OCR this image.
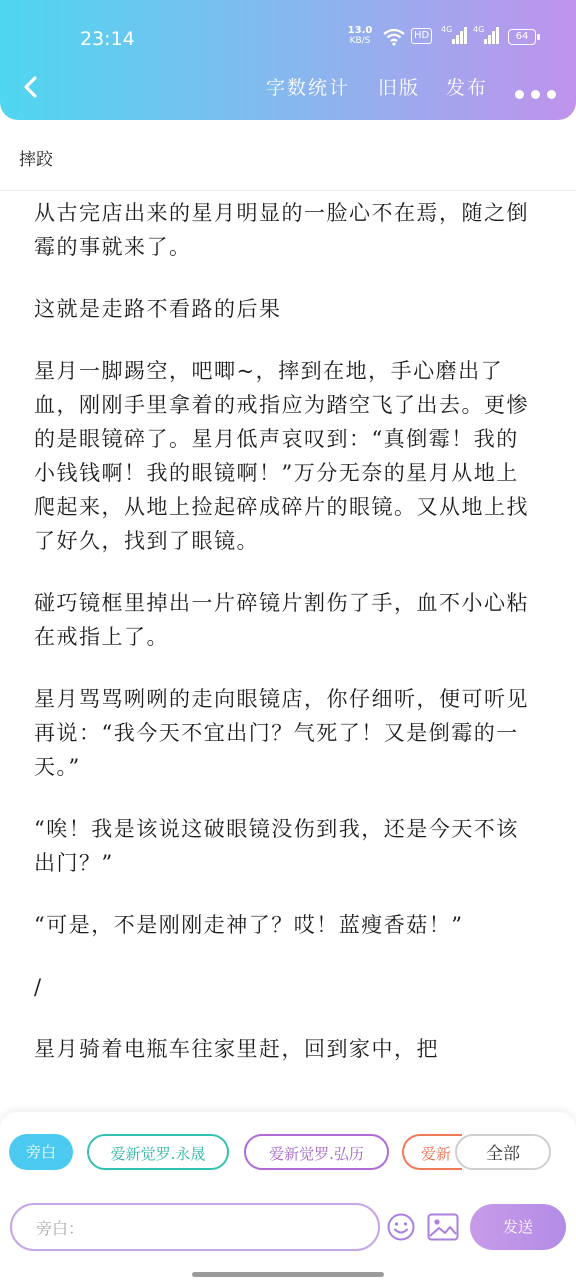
23:14	13.0
KB/S	HD
4G	4G
64
字数统计 旧版 发布
摔跤

从古完店出来的星月明显的一脸心不在焉，随之倒霉的事就来了。

这就是走路不看路的后果

星月一脚踢空，吧唧~，摔到在地，手心磨出了血，刚刚手里拿着的戒指应为踏空飞了出去。更惨的是眼镜碎了。星月低声哀叹到：“真倒霉！我的小钱钱啊！我的眼镜啊！”万分无奈的星月从地上爬起来，从地上捡起碎成碎片的眼镜。又从地上找了好久，找到了眼镜。

碰巧镜框里掉出一片碎镜片割伤了手，血不小心粘在戒指上了。

星月骂骂咧咧的走向眼镜店，你仔细听，便可听见再说：“我今天不宜出门？气死了！又是倒霉的一天。”

“唉！我是该说这破眼镜没伤到我，还是今天不该出门？”

“可是，不是刚刚走神了？哎！蓝瘦香菇！”

/

星月骑着电瓶车往家里赶，回到家中，把

旁白	爱新觉罗.永晟	爱新觉罗.弘历	爱新	全部
旁白：
发送
